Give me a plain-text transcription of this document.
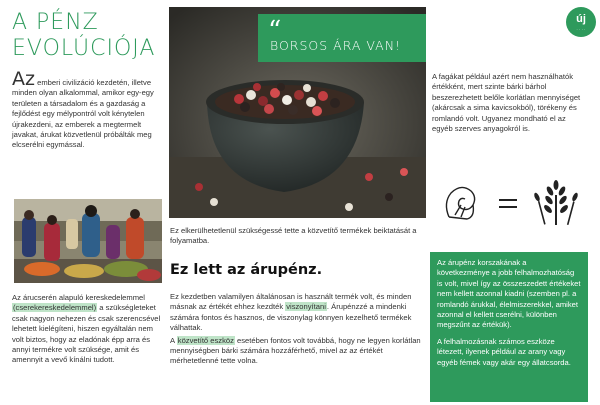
A PÉNZ
EVOLÚCIÓJA
Az emberi civilizáció kezdetén, illetve minden olyan alkalommal, amikor egy-egy területen a társadalom és a gazdaság a fejlődést egy mélypontról volt kénytelen újrakezdeni, az emberek a megtermelt javakat, árukat közvetlenül próbálták meg elcserélni egymással.
Az árucserén alapuló kereskedelemmel (cserekereskedelemmel) a szükségleteket csak nagyon nehezen és csak szerencsével lehetett kielégíteni, hiszen egyáltalán nem volt biztos, hogy az eladónak épp arra és annyi termékre volt szüksége, amit és amennyit a vevő kínálni tudott.
“
BORSOS ÁRA VAN!
Ez elkerülhetetlenül szükségessé tette a közvetítő termékek beiktatását a folyamatba.
Ez lett az árupénz.

Ez kezdetben valamilyen általánosan is használt termék volt, és minden másnak az értékét ehhez kezdték viszonyítani. Árupénzzé a mindenki számára fontos és hasznos, de viszonylag könnyen kezelhető termékek válhattak.

A közvetítő eszköz esetében fontos volt továbbá, hogy ne legyen korlátlan mennyiségben bárki számára hozzáférhető, mivel az az értékét mérhetetlenné tette volna.

új
· · · ·
A fagákat például azért nem használhatók értékként, mert szinte bárki bárhol beszerezhetett belőle korlátlan mennyiséget (akárcsak a sima kavicsokból), törékeny és romlandó volt. Ugyanez mondható el az egyéb szerves anyagokról is.

Az árupénz korszakának a következménye a jobb felhalmozhatóság is volt, mivel így az összeszedett értékeket nem kellett azonnal kiadni (szemben pl. a romlandó árukkal, élelmiszerekkel, amiket azonnal el kellett cserélni, különben megszűnt az értékük).

A felhalmozásnak számos eszköze létezett, ilyenek például az arany vagy egyéb fémek vagy akár egy állatcsorda.
